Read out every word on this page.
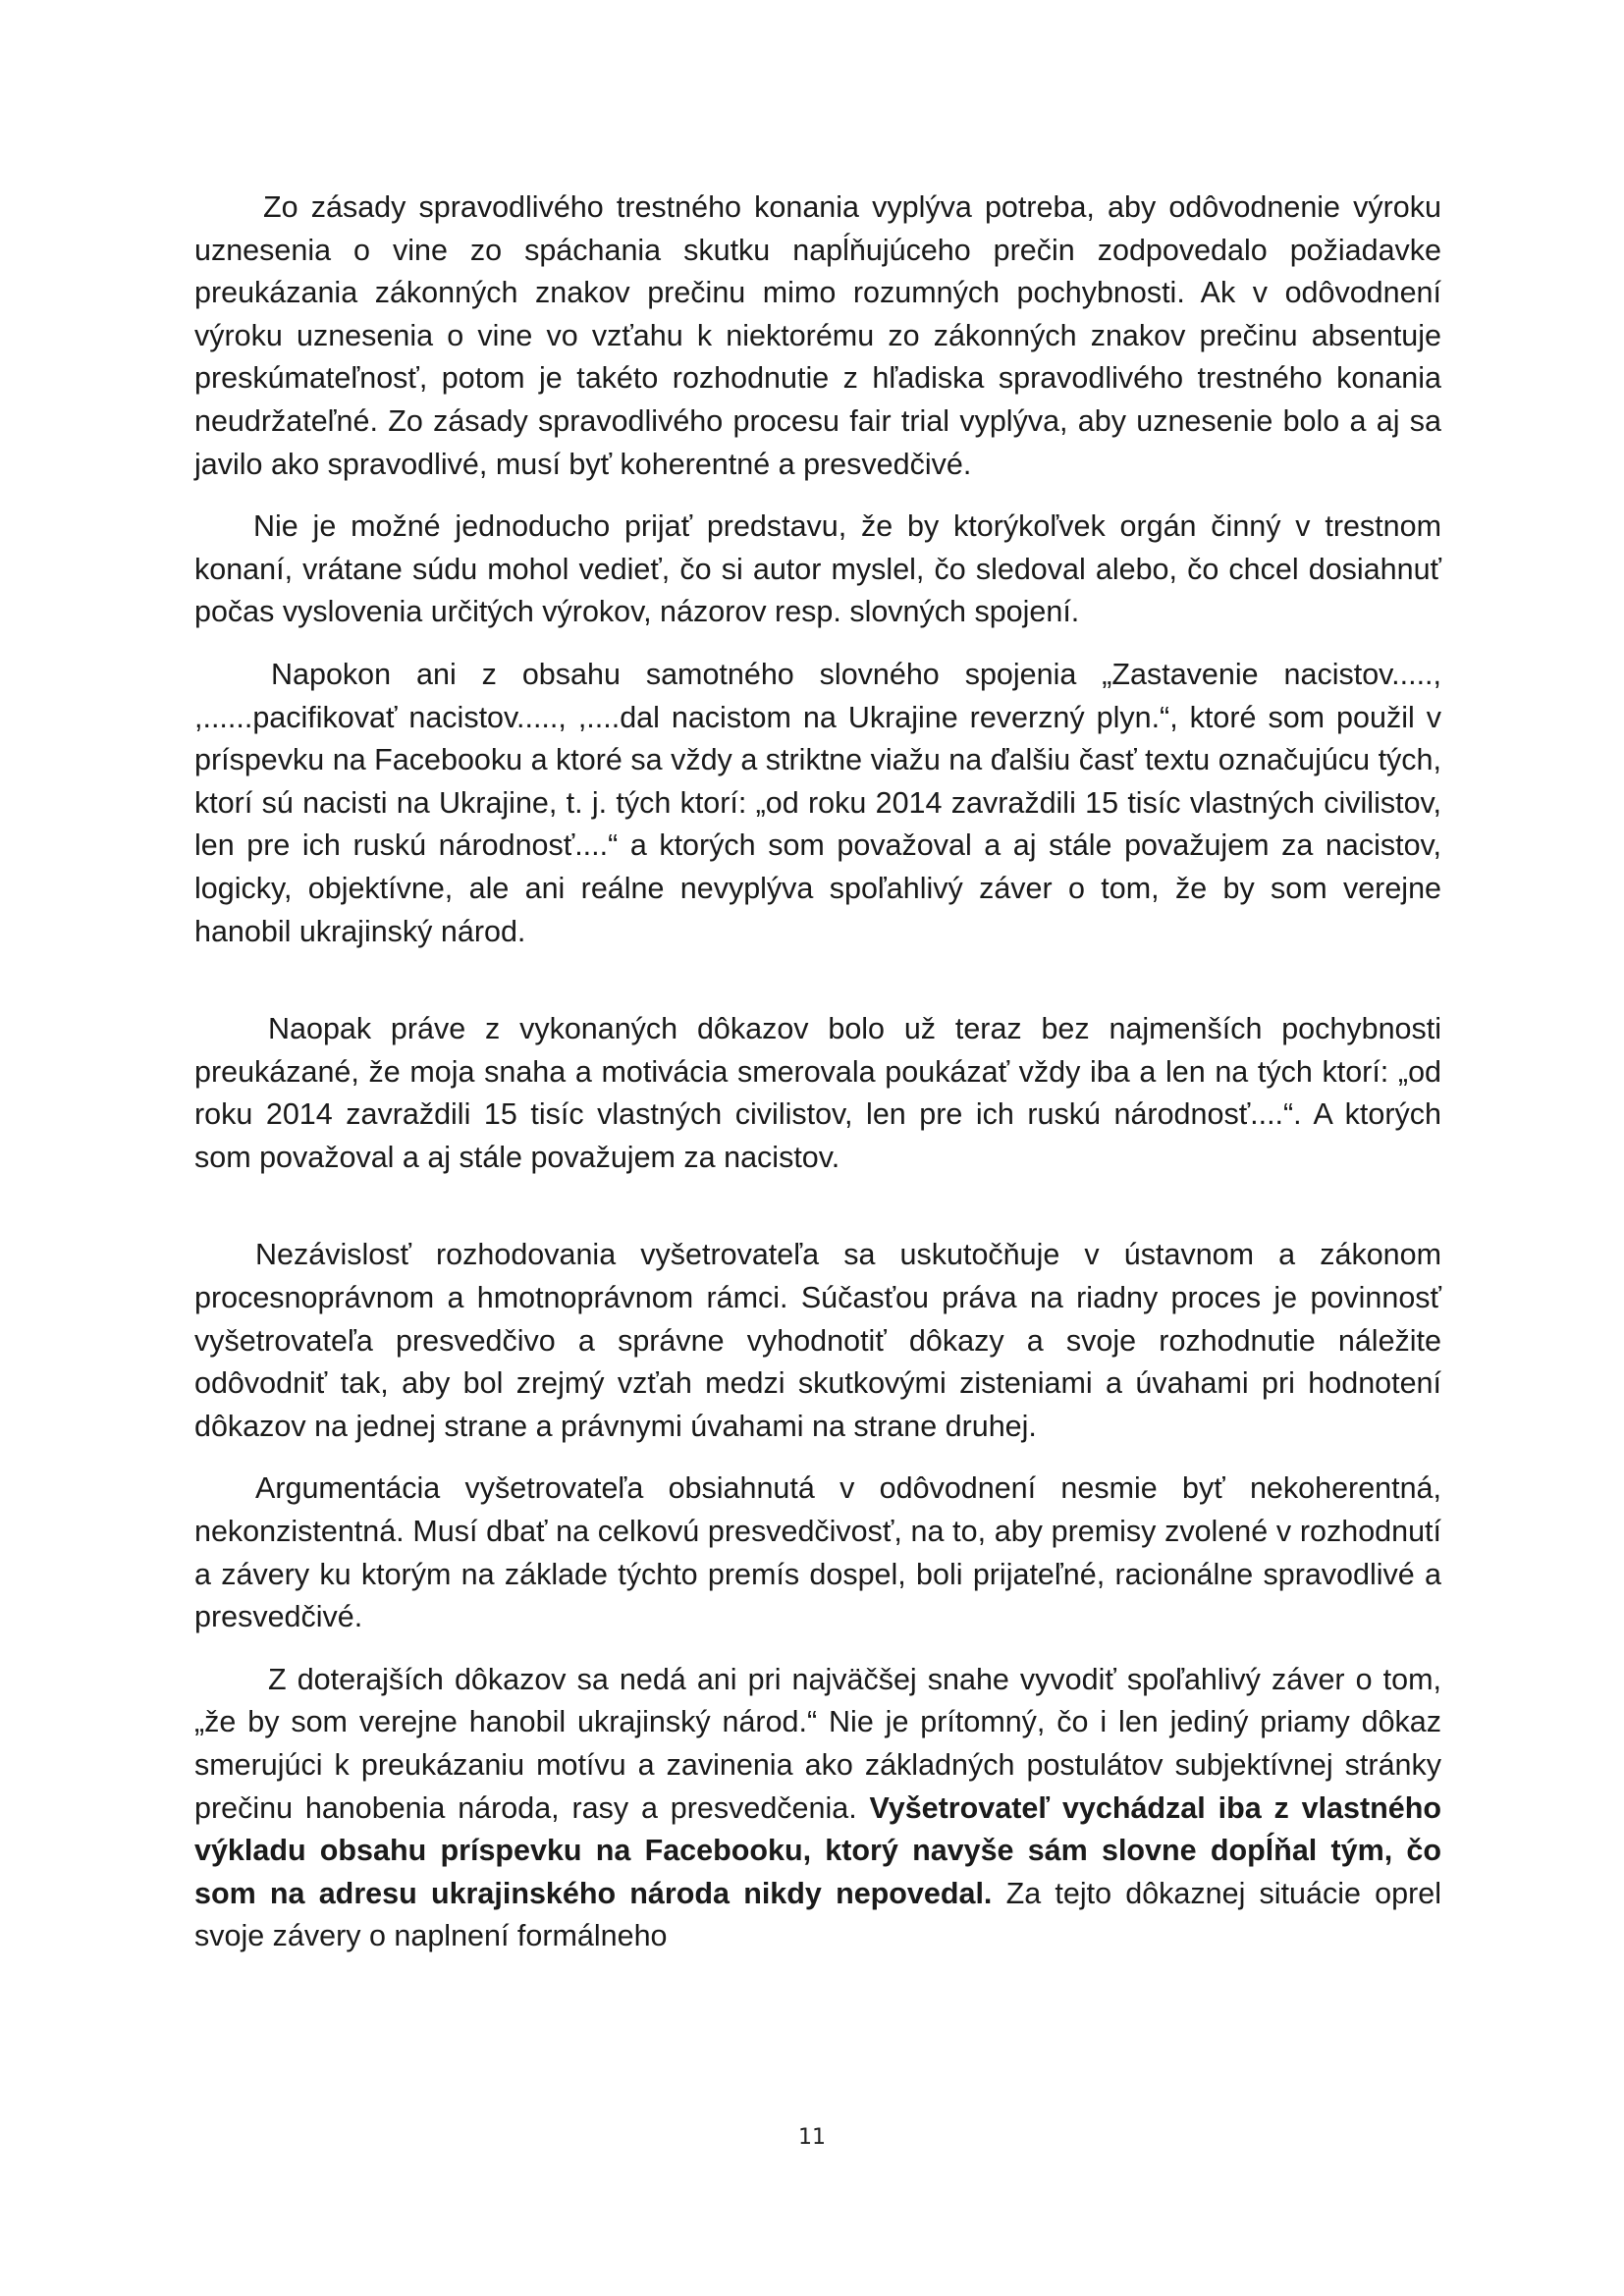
Zo zásady spravodlivého trestného konania vyplýva potreba, aby odôvodnenie výroku uznesenia o vine zo spáchania skutku napĺňujúceho prečin zodpovedalo požiadavke preukázania zákonných znakov prečinu mimo rozumných pochybnosti. Ak v odôvodnení výroku uznesenia o vine vo vzťahu k niektorému zo zákonných znakov prečinu absentuje preskúmateľnosť, potom je takéto rozhodnutie z hľadiska spravodlivého trestného konania neudržateľné. Zo zásady spravodlivého procesu fair trial vyplýva, aby uznesenie bolo a aj sa javilo ako spravodlivé, musí byť koherentné a presvedčivé.

Nie je možné jednoducho prijať predstavu, že by ktorýkoľvek orgán činný v trestnom konaní, vrátane súdu mohol vedieť, čo si autor myslel, čo sledoval alebo, čo chcel dosiahnuť počas vyslovenia určitých výrokov, názorov resp. slovných spojení.

Napokon ani z obsahu samotného slovného spojenia „Zastavenie nacistov....., ,......pacifikovať nacistov....., ,....dal nacistom na Ukrajine reverzný plyn.“, ktoré som použil v príspevku na Facebooku a ktoré sa vždy a striktne viažu na ďalšiu časť textu označujúcu tých, ktorí sú nacisti na Ukrajine, t. j. tých ktorí: „od roku 2014 zavraždili 15 tisíc vlastných civilistov, len pre ich ruskú národnosť....“ a ktorých som považoval a aj stále považujem za nacistov, logicky, objektívne, ale ani reálne nevyplýva spoľahlivý záver o tom, že by som verejne hanobil ukrajinský národ.

Naopak práve z vykonaných dôkazov bolo už teraz bez najmenších pochybnosti preukázané, že moja snaha a motivácia smerovala poukázať vždy iba a len na tých ktorí: „od roku 2014 zavraždili 15 tisíc vlastných civilistov, len pre ich ruskú národnosť....“. A ktorých som považoval a aj stále považujem za nacistov.

Nezávislosť rozhodovania vyšetrovateľa sa uskutočňuje v ústavnom a zákonom procesnoprávnom a hmotnoprávnom rámci. Súčasťou práva na riadny proces je povinnosť vyšetrovateľa presvedčivo a správne vyhodnotiť dôkazy a svoje rozhodnutie náležite odôvodniť tak, aby bol zrejmý vzťah medzi skutkovými zisteniami a úvahami pri hodnotení dôkazov na jednej strane a právnymi úvahami na strane druhej.

Argumentácia vyšetrovateľa obsiahnutá v odôvodnení nesmie byť nekoherentná, nekonzistentná. Musí dbať na celkovú presvedčivosť, na to, aby premisy zvolené v rozhodnutí a závery ku ktorým na základe týchto premís dospel, boli prijateľné, racionálne spravodlivé a presvedčivé.

Z doterajších dôkazov sa nedá ani pri najväčšej snahe vyvodiť spoľahlivý záver o tom, „že by som verejne hanobil ukrajinský národ.“ Nie je prítomný, čo i len jediný priamy dôkaz smerujúci k preukázaniu motívu a zavinenia ako základných postulátov subjektívnej stránky prečinu hanobenia národa, rasy a presvedčenia. Vyšetrovateľ vychádzal iba z vlastného výkladu obsahu príspevku na Facebooku, ktorý navyše sám slovne dopĺňal tým, čo som na adresu ukrajinského národa nikdy nepovedal. Za tejto dôkaznej situácie oprel svoje závery o naplnení formálneho

11
